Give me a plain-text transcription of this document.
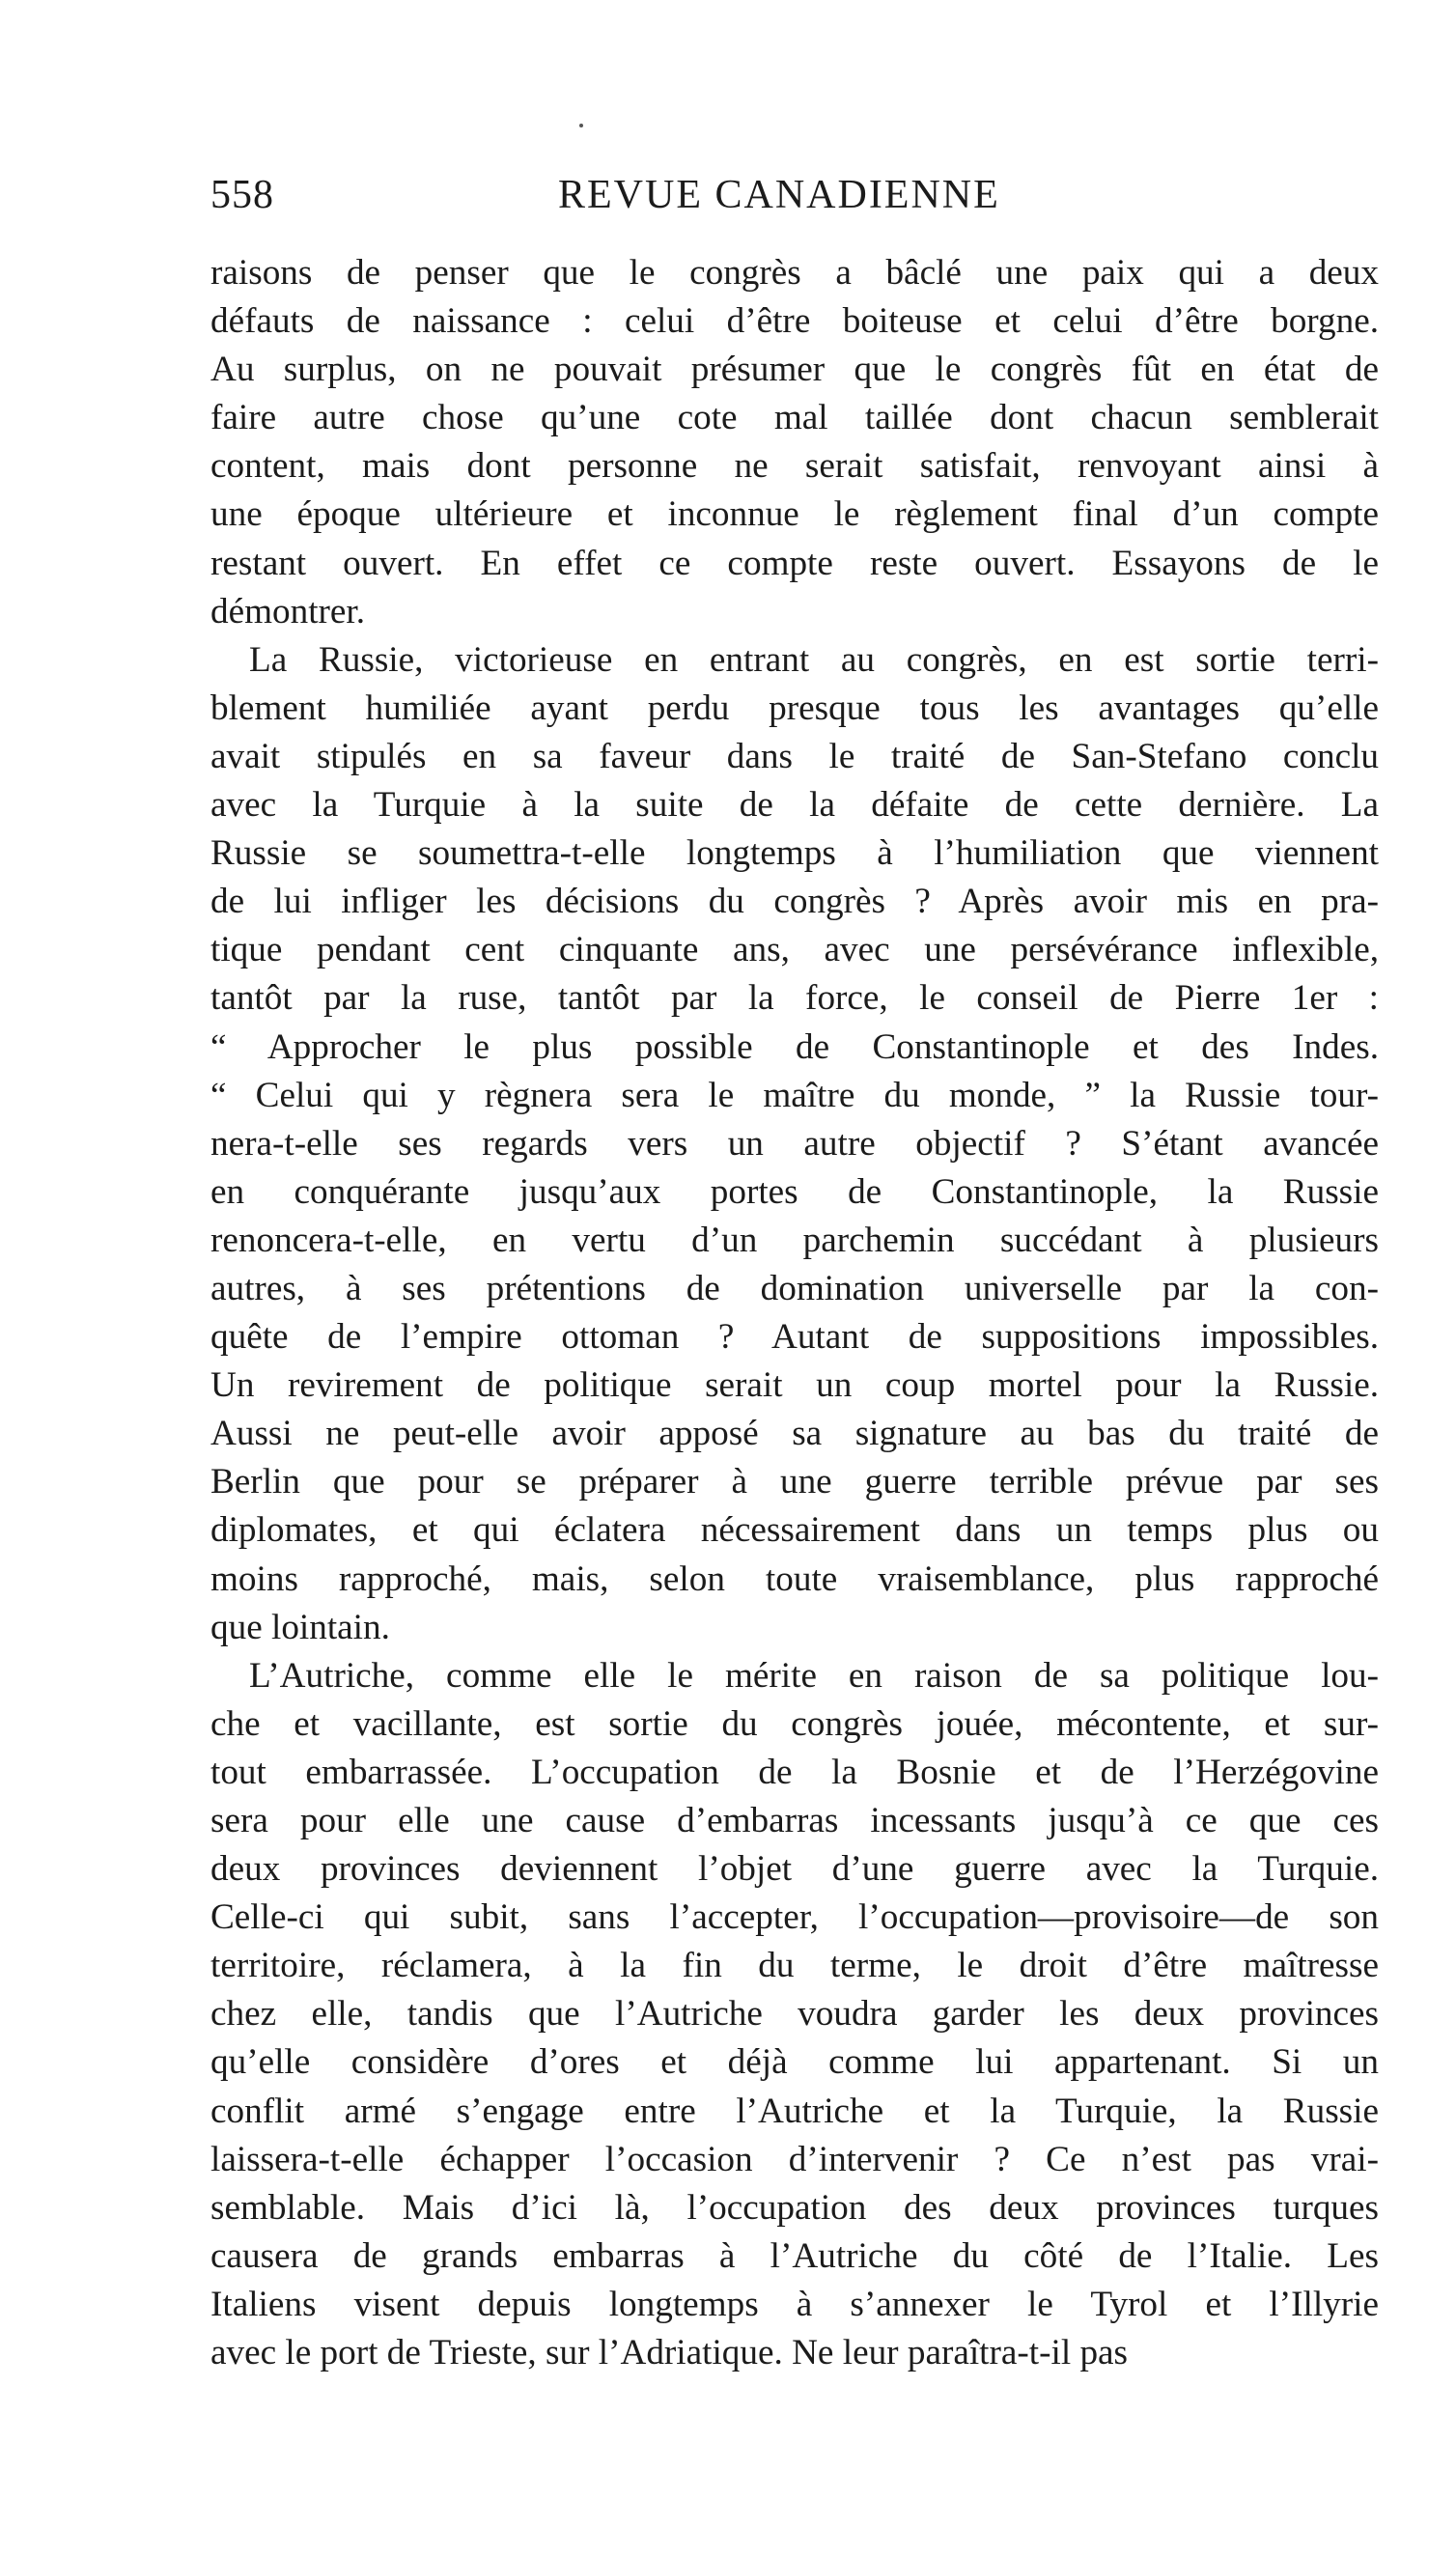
558	REVUE CANADIENNE
raisons de penser que le congrès a bâclé une paix qui a deux
défauts de naissance : celui d’être boiteuse et celui d’être borgne.
Au surplus, on ne pouvait présumer que le congrès fût en état de
faire autre chose qu’une cote mal taillée dont chacun semblerait
content, mais dont personne ne serait satisfait, renvoyant ainsi à
une époque ultérieure et inconnue le règlement final d’un compte
restant ouvert. En effet ce compte reste ouvert. Essayons de le
démontrer.
La Russie, victorieuse en entrant au congrès, en est sortie terri-
blement humiliée ayant perdu presque tous les avantages qu’elle
avait stipulés en sa faveur dans le traité de San-Stefano conclu
avec la Turquie à la suite de la défaite de cette dernière. La
Russie se soumettra-t-elle longtemps à l’humiliation que viennent
de lui infliger les décisions du congrès ? Après avoir mis en pra-
tique pendant cent cinquante ans, avec une persévérance inflexible,
tantôt par la ruse, tantôt par la force, le conseil de Pierre 1er :
“ Approcher le plus possible de Constantinople et des Indes.
“ Celui qui y règnera sera le maître du monde, ” la Russie tour-
nera-t-elle ses regards vers un autre objectif ? S’étant avancée
en conquérante jusqu’aux portes de Constantinople, la Russie
renoncera-t-elle, en vertu d’un parchemin succédant à plusieurs
autres, à ses prétentions de domination universelle par la con-
quête de l’empire ottoman ? Autant de suppositions impossibles.
Un revirement de politique serait un coup mortel pour la Russie.
Aussi ne peut-elle avoir apposé sa signature au bas du traité de
Berlin que pour se préparer à une guerre terrible prévue par ses
diplomates, et qui éclatera nécessairement dans un temps plus ou
moins rapproché, mais, selon toute vraisemblance, plus rapproché
que lointain.
L’Autriche, comme elle le mérite en raison de sa politique lou-
che et vacillante, est sortie du congrès jouée, mécontente, et sur-
tout embarrassée. L’occupation de la Bosnie et de l’Herzégovine
sera pour elle une cause d’embarras incessants jusqu’à ce que ces
deux provinces deviennent l’objet d’une guerre avec la Turquie.
Celle-ci qui subit, sans l’accepter, l’occupation—provisoire—de son
territoire, réclamera, à la fin du terme, le droit d’être maîtresse
chez elle, tandis que l’Autriche voudra garder les deux provinces
qu’elle considère d’ores et déjà comme lui appartenant. Si un
conflit armé s’engage entre l’Autriche et la Turquie, la Russie
laissera-t-elle échapper l’occasion d’intervenir ? Ce n’est pas vrai-
semblable. Mais d’ici là, l’occupation des deux provinces turques
causera de grands embarras à l’Autriche du côté de l’Italie. Les
Italiens visent depuis longtemps à s’annexer le Tyrol et l’Illyrie
avec le port de Trieste, sur l’Adriatique. Ne leur paraîtra-t-il pas
